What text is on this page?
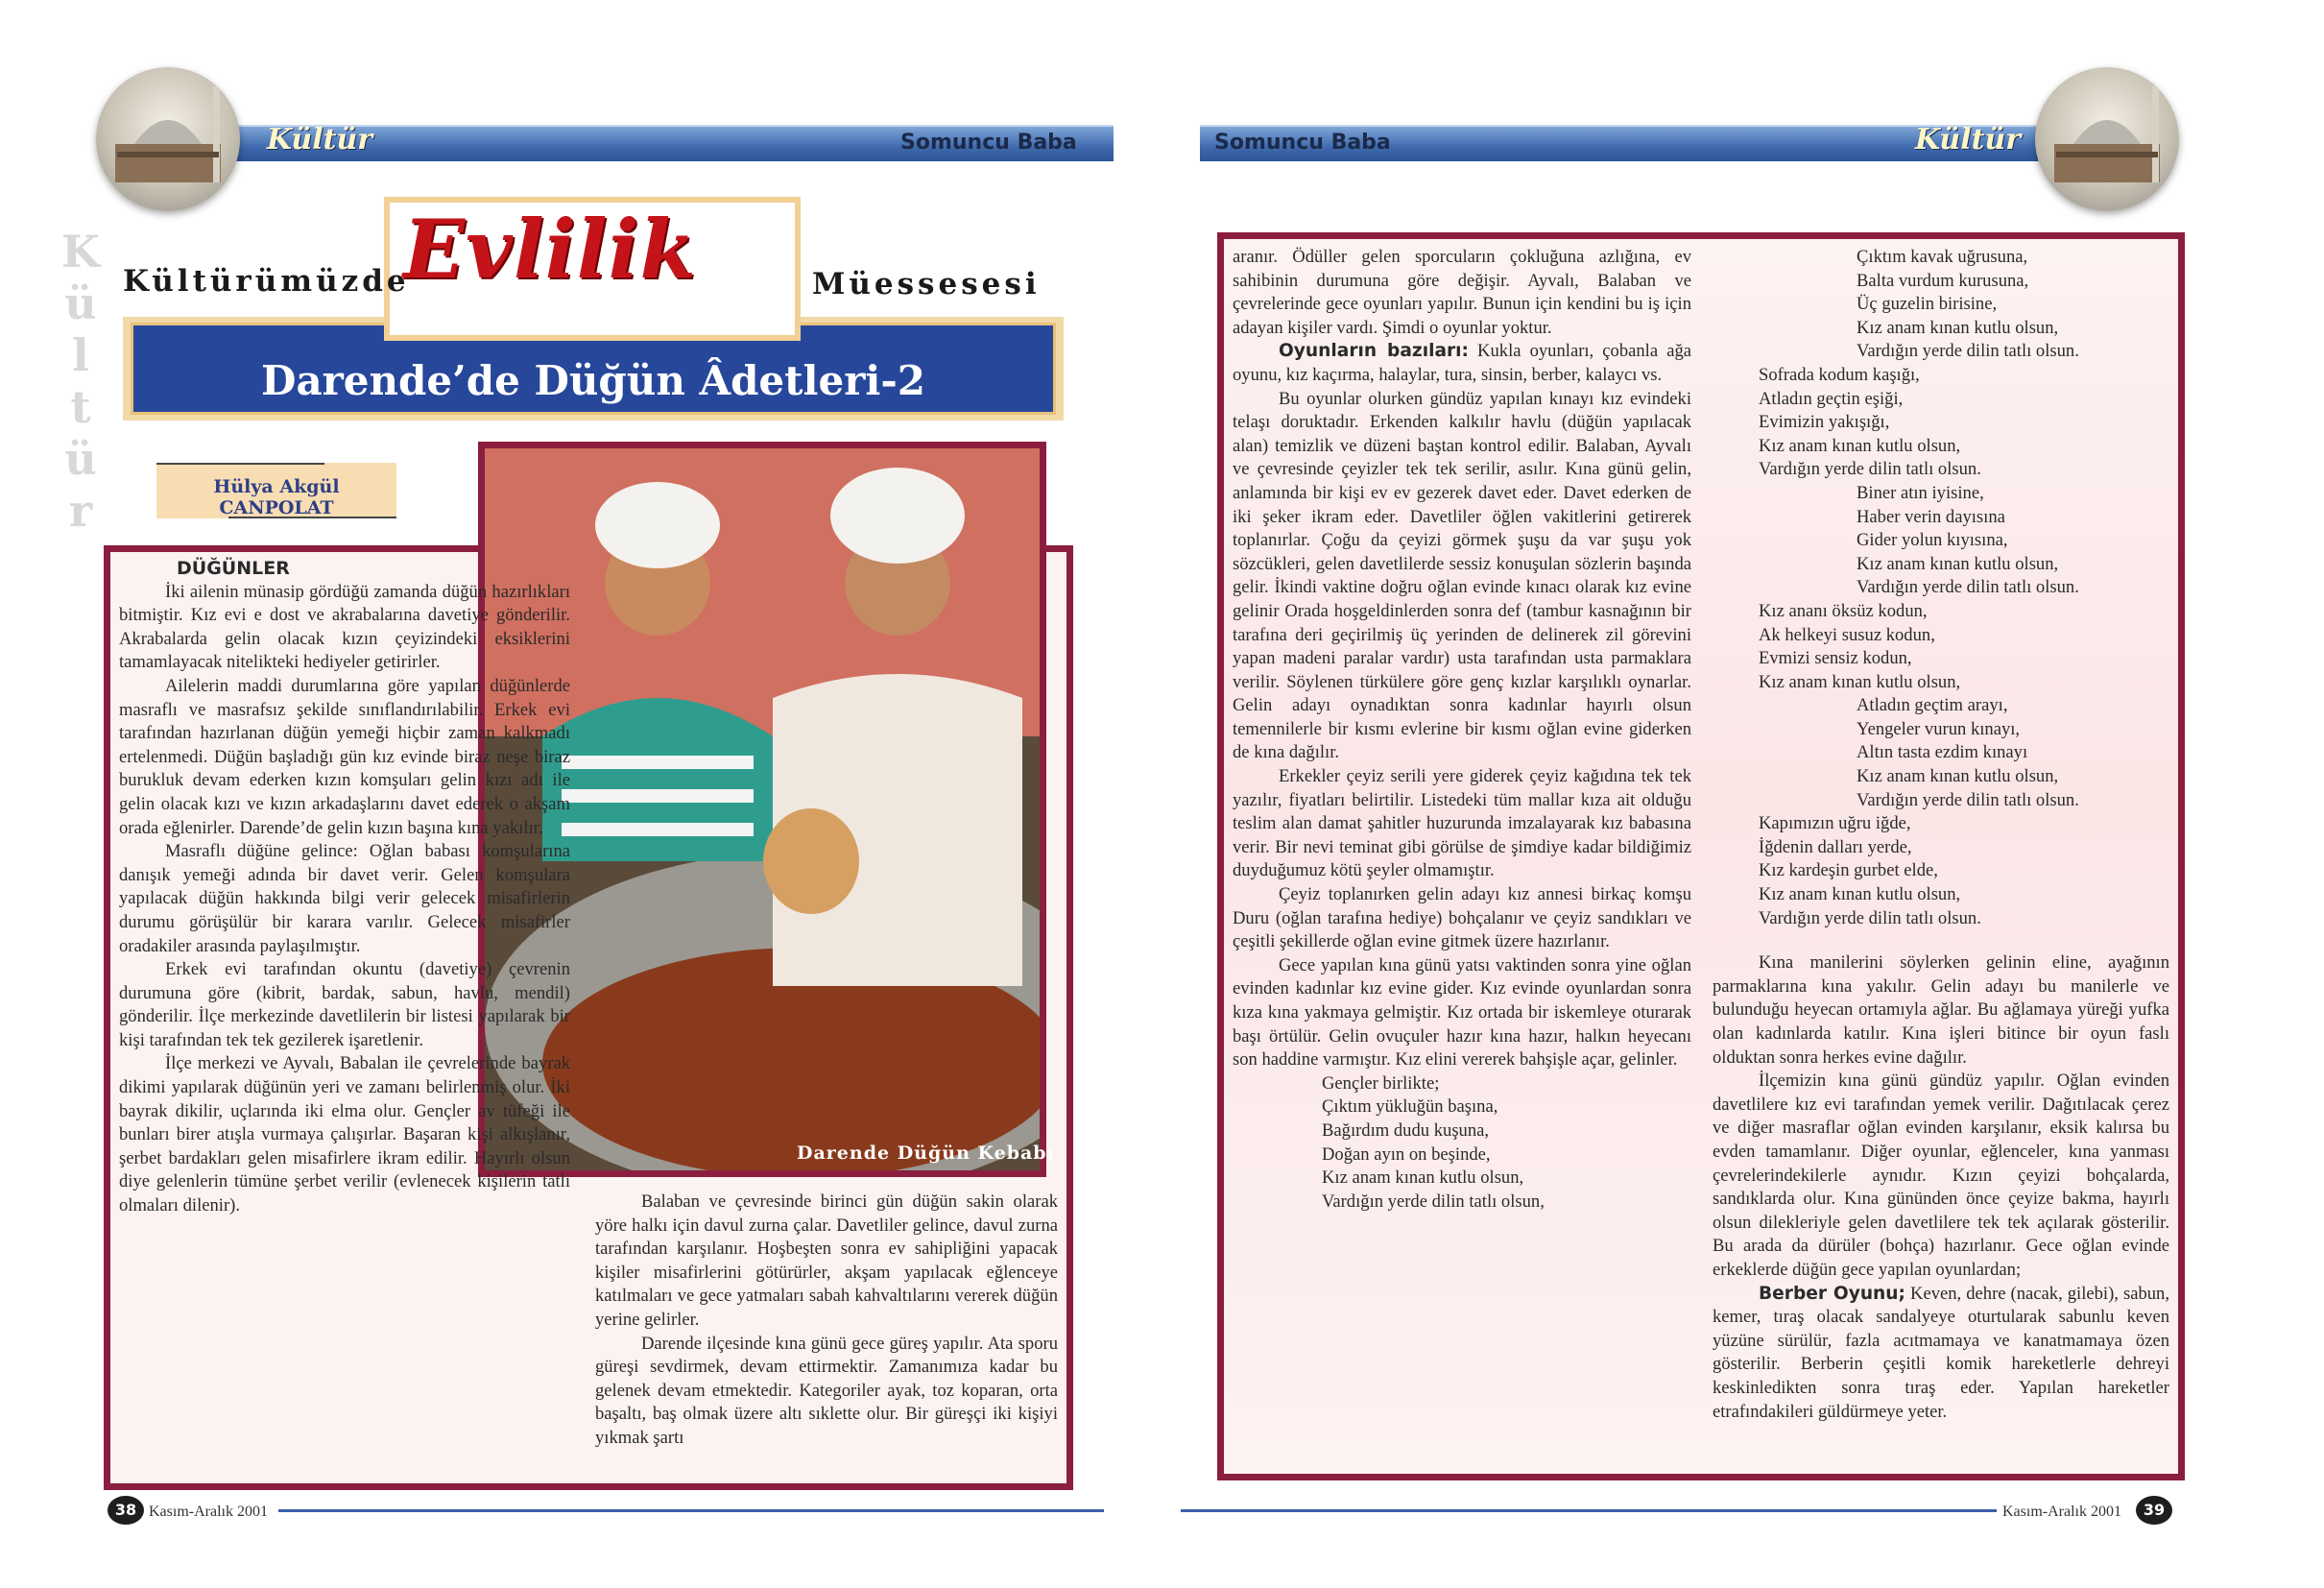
Kültür	Kültür
Somuncu Baba	Somuncu Baba
K
ü
l
t
ü
r
Kültürümüzde
Evlilik	Müessesesi
Darende’de Düğün Âdetleri-2
Hülya Akgül CANPOLAT
Darende Düğün Kebabı

DÜĞÜNLER

İki ailenin münasip gördüğü zamanda düğün hazırlıkları bitmiştir. Kız evi e dost ve akrabalarına davetiye gönderilir. Akrabalarda gelin olacak kızın çeyizindeki eksiklerini tamamlayacak nitelikteki hediyeler getirirler.

Ailelerin maddi durumlarına göre yapılan düğünlerde masraflı ve masrafsız şekilde sınıflandırılabilir. Erkek evi tarafından hazırlanan düğün yemeği hiçbir zaman kalkmadı ertelenmedi. Düğün başladığı gün kız evinde biraz neşe biraz burukluk devam ederken kızın komşuları gelin kızı adı ile gelin olacak kızı ve kızın arkadaşlarını davet ederek o akşam orada eğlenirler. Darende’de gelin kızın başına kına yakılır.

Masraflı düğüne gelince: Oğlan babası komşularına danışık yemeği adında bir davet verir. Gelen komşulara yapılacak düğün hakkında bilgi verir gelecek misafirlerin durumu görüşülür bir karara varılır. Gelecek misafirler oradakiler arasında paylaşılmıştır.

Erkek evi tarafından okuntu (davetiye) çevrenin durumuna göre (kibrit, bardak, sabun, havlu, mendil) gönderilir. İlçe merkezinde davetlilerin bir listesi yapılarak bir kişi tarafından tek tek gezilerek işaretlenir.

İlçe merkezi ve Ayvalı, Babalan ile çevrelerinde bayrak dikimi yapılarak düğünün yeri ve zamanı belirlenmiş olur. İki bayrak dikilir, uçlarında iki elma olur. Gençler av tüfeği ile bunları birer atışla vurmaya çalışırlar. Başaran kişi alkışlanır, şerbet bardakları gelen misafirlere ikram edilir. Hayırlı olsun diye gelenlerin tümüne şerbet verilir (evlenecek kişilerin tatlı olmaları dilenir).	Balaban ve çevresinde birinci gün düğün sakin olarak yöre halkı için davul zurna çalar. Davetliler gelince, davul zurna tarafından karşılanır. Hoşbeşten sonra ev sahipliğini yapacak kişiler misafirlerini götürürler, akşam yapılacak eğlenceye katılmaları ve gece yatmaları sabah kahvaltılarını vererek düğün yerine gelirler.

Darende ilçesinde kına günü gece güreş yapılır. Ata sporu güreşi sevdirmek, devam ettirmektir. Zamanımıza kadar bu gelenek devam etmektedir. Kategoriler ayak, toz koparan, orta başaltı, baş olmak üzere altı sıklette olur. Bir güreşçi iki kişiyi yıkmak şartı

aranır. Ödüller gelen sporcuların çokluğuna azlığına, ev sahibinin durumuna göre değişir. Ayvalı, Balaban ve çevrelerinde gece oyunları yapılır. Bunun için kendini bu iş için adayan kişiler vardı. Şimdi o oyunlar yoktur.

Oyunların bazıları: Kukla oyunları, çobanla ağa oyunu, kız kaçırma, halaylar, tura, sinsin, berber, kalaycı vs.

Bu oyunlar olurken gündüz yapılan kınayı kız evindeki telaşı doruktadır. Erkenden kalkılır havlu (düğün yapılacak alan) temizlik ve düzeni baştan kontrol edilir. Balaban, Ayvalı ve çevresinde çeyizler tek tek serilir, asılır. Kına günü gelin, anlamında bir kişi ev ev gezerek davet eder. Davet ederken de iki şeker ikram eder. Davetliler öğlen vakitlerini getirerek toplanırlar. Çoğu da çeyizi görmek şuşu da var şuşu yok sözcükleri, gelen davetlilerde sessiz konuşulan sözlerin başında gelir. İkindi vaktine doğru oğlan evinde kınacı olarak kız evine gelinir Orada hoşgeldinlerden sonra def (tambur kasnağının bir tarafına deri geçirilmiş üç yerinden de delinerek zil görevini yapan madeni paralar vardır) usta tarafından usta parmaklara verilir. Söylenen türkülere göre genç kızlar karşılıklı oynarlar. Gelin adayı oynadıktan sonra kadınlar hayırlı olsun temennilerle bir kısmı evlerine bir kısmı oğlan evine giderken de kına dağılır.

Erkekler çeyiz serili yere giderek çeyiz kağıdına tek tek yazılır, fiyatları belirtilir. Listedeki tüm mallar kıza ait olduğu teslim alan damat şahitler huzurunda imzalayarak kız babasına verir. Bir nevi teminat gibi görülse de şimdiye kadar bildiğimiz duyduğumuz kötü şeyler olmamıştır.

Çeyiz toplanırken gelin adayı kız annesi birkaç komşu Duru (oğlan tarafına hediye) bohçalanır ve çeyiz sandıkları ve çeşitli şekillerde oğlan evine gitmek üzere hazırlanır.

Gece yapılan kına günü yatsı vaktinden sonra yine oğlan evinden kadınlar kız evine gider. Kız evinde oyunlardan sonra kıza kına yakmaya gelmiştir. Kız ortada bir iskemleye oturarak başı örtülür. Gelin ovuçuler hazır kına hazır, halkın heyecanı son haddine varmıştır. Kız elini vererek bahşişle açar, gelinler.

Gençler birlikte;
Çıktım yükluğün başına,
Bağırdım dudu kuşuna,
Doğan ayın on beşinde,
Kız anam kınan kutlu olsun,
Vardığın yerde dilin tatlı olsun,
Çıktım kavak uğrusuna,
Balta vurdum kurusuna,
Üç guzelin birisine,
Kız anam kınan kutlu olsun,
Vardığın yerde dilin tatlı olsun.
Sofrada kodum kaşığı,
Atladın geçtin eşiği,
Evimizin yakışığı,
Kız anam kınan kutlu olsun,
Vardığın yerde dilin tatlı olsun.
Biner atın iyisine,
Haber verin dayısına
Gider yolun kıyısına,
Kız anam kınan kutlu olsun,
Vardığın yerde dilin tatlı olsun.
Kız ananı öksüz kodun,
Ak helkeyi susuz kodun,
Evmizi sensiz kodun,
Kız anam kınan kutlu olsun,
Atladın geçtim arayı,
Yengeler vurun kınayı,
Altın tasta ezdim kınayı
Kız anam kınan kutlu olsun,
Vardığın yerde dilin tatlı olsun.
Kapımızın uğru iğde,
İğdenin dalları yerde,
Kız kardeşin gurbet elde,
Kız anam kınan kutlu olsun,
Vardığın yerde dilin tatlı olsun.

Kına manilerini söylerken gelinin eline, ayağının parmaklarına kına yakılır. Gelin adayı bu manilerle ve bulunduğu heyecan ortamıyla ağlar. Bu ağlamaya yüreği yufka olan kadınlarda katılır. Kına işleri bitince bir oyun faslı olduktan sonra herkes evine dağılır.

İlçemizin kına günü gündüz yapılır. Oğlan evinden davetlilere kız evi tarafından yemek verilir. Dağıtılacak çerez ve diğer masraflar oğlan evinden karşılanır, eksik kalırsa bu evden tamamlanır. Diğer oyunlar, eğlenceler, kına yanması çevrelerindekilerle aynıdır. Kızın çeyizi bohçalarda, sandıklarda olur. Kına gününden önce çeyize bakma, hayırlı olsun dilekleriyle gelen davetlilere tek tek açılarak gösterilir. Bu arada da dürüler (bohça) hazırlanır. Gece oğlan evinde erkeklerde düğün gece yapılan oyunlardan;

Berber Oyunu; Keven, dehre (nacak, gilebi), sabun, kemer, tıraş olacak sandalyeye oturtularak sabunlu keven yüzüne sürülür, fazla acıtmamaya ve kanatmamaya özen gösterilir. Berberin çeşitli komik hareketlerle dehreyi keskinledikten sonra tıraş eder. Yapılan hareketler etrafındakileri güldürmeye yeter.

38 Kasım-Aralık 2001	Kasım-Aralık 2001	39
